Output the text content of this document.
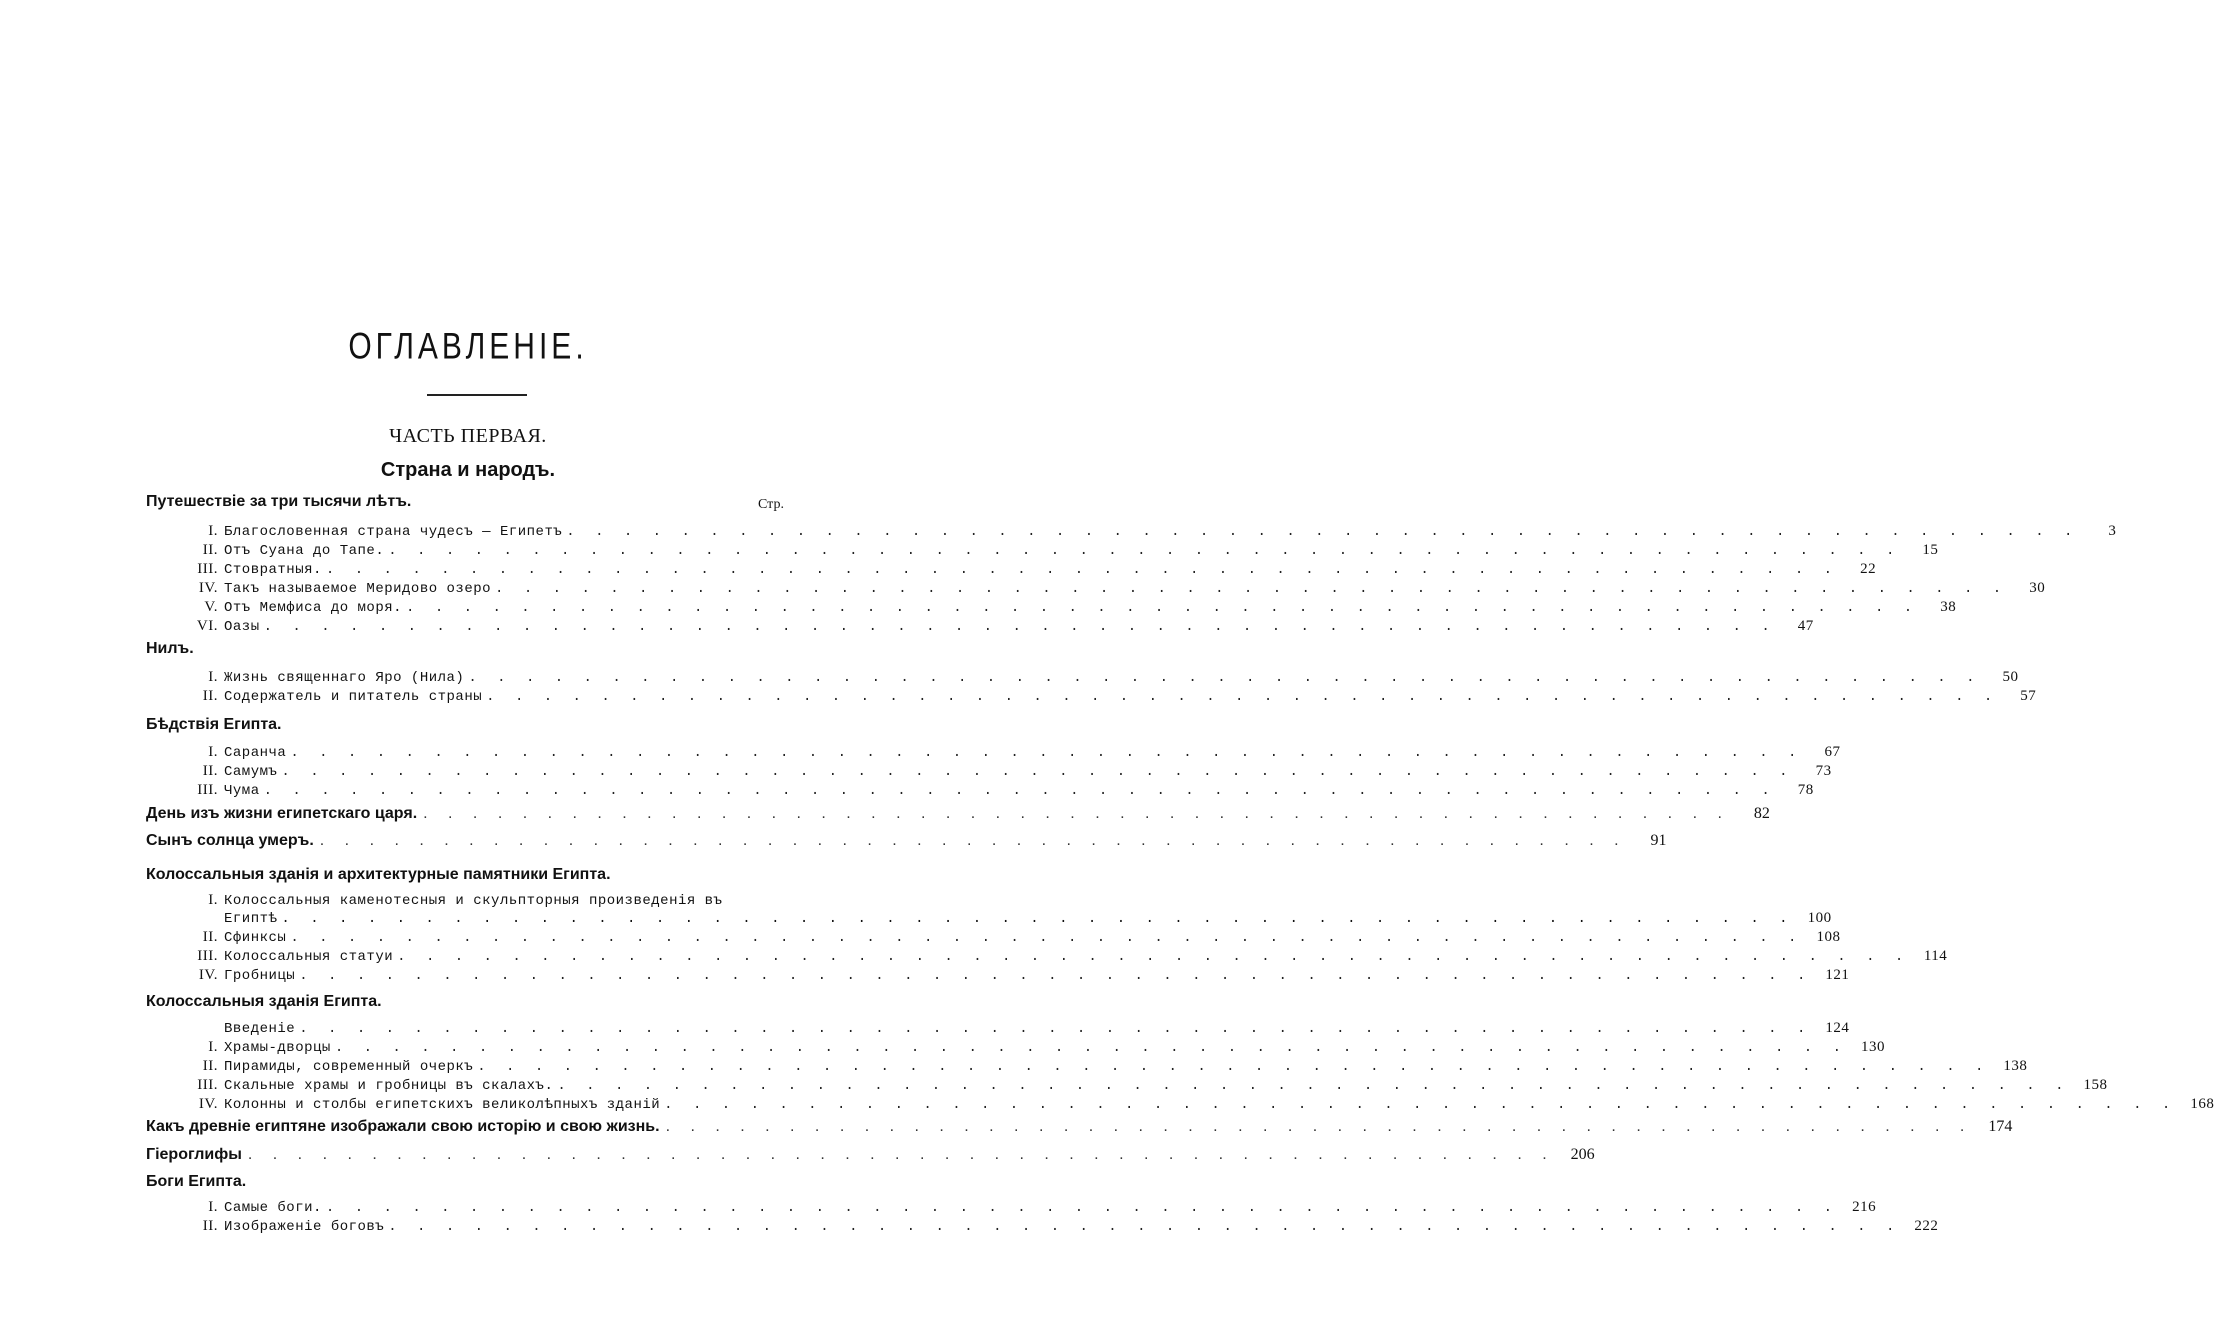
ОГЛАВЛЕНІЕ.
ЧАСТЬ ПЕРВАЯ.
Страна и народъ.
Стр.
Путешествіе за три тысячи лѣтъ.
I. Благословенная страна чудесъ — Египетъ . . . . . . . . . . . . . . . . . . . . . . . . . . . . . . . . . . . . . . . . . . . . . . . . . . . . .	3
II. Отъ Суана до Тапе. . . . . . . . . . . . . . . . . . . . . . . . . . . . . . . . . . . . . . . . . . . . . . . . . . . . . .	15
III. Стовратныя. . . . . . . . . . . . . . . . . . . . . . . . . . . . . . . . . . . . . . . . . . . . . . . . . . . . . .	22
IV. Такъ называемое Меридово озеро . . . . . . . . . . . . . . . . . . . . . . . . . . . . . . . . . . . . . . . . . . . . . . . . . . . . .	30
V. Отъ Мемфиса до моря. . . . . . . . . . . . . . . . . . . . . . . . . . . . . . . . . . . . . . . . . . . . . . . . . . . . . .	38
VI. Оазы . . . . . . . . . . . . . . . . . . . . . . . . . . . . . . . . . . . . . . . . . . . . . . . . . . . . .	47
Нилъ.
I. Жизнь священнаго Яро (Нила) . . . . . . . . . . . . . . . . . . . . . . . . . . . . . . . . . . . . . . . . . . . . . . . . . . . . .	50
II. Содержатель и питатель страны . . . . . . . . . . . . . . . . . . . . . . . . . . . . . . . . . . . . . . . . . . . . . . . . . . . . .	57
Бѣдствія Египта.
I. Саранча . . . . . . . . . . . . . . . . . . . . . . . . . . . . . . . . . . . . . . . . . . . . . . . . . . . . .	67
II. Самумъ . . . . . . . . . . . . . . . . . . . . . . . . . . . . . . . . . . . . . . . . . . . . . . . . . . . . .	73
III. Чума . . . . . . . . . . . . . . . . . . . . . . . . . . . . . . . . . . . . . . . . . . . . . . . . . . . . .	78
День изъ жизни египетскаго царя. . . . . . . . . . . . . . . . . . . . . . . . . . . . . . . . . . . . . . . . . . . . . . . . . . . . . .	82
Сынъ солнца умеръ. . . . . . . . . . . . . . . . . . . . . . . . . . . . . . . . . . . . . . . . . . . . . . . . . . . . . .	91
Колоссальныя зданія и архитектурные памятники Египта.
I. Колоссальныя каменотесныя и скульпторныя произведенія въ
Египтѣ . . . . . . . . . . . . . . . . . . . . . . . . . . . . . . . . . . . . . . . . . . . . . . . . . . . . . 100
II. Сфинксы . . . . . . . . . . . . . . . . . . . . . . . . . . . . . . . . . . . . . . . . . . . . . . . . . . . . . 108
III. Колоссальныя статуи . . . . . . . . . . . . . . . . . . . . . . . . . . . . . . . . . . . . . . . . . . . . . . . . . . . . . 114
IV. Гробницы . . . . . . . . . . . . . . . . . . . . . . . . . . . . . . . . . . . . . . . . . . . . . . . . . . . . . 121
Колоссальныя зданія Египта.
Введеніе . . . . . . . . . . . . . . . . . . . . . . . . . . . . . . . . . . . . . . . . . . . . . . . . . . . . . 124
I. Храмы-дворцы . . . . . . . . . . . . . . . . . . . . . . . . . . . . . . . . . . . . . . . . . . . . . . . . . . . . . 130
II. Пирамиды, современный очеркъ . . . . . . . . . . . . . . . . . . . . . . . . . . . . . . . . . . . . . . . . . . . . . . . . . . . . . 138
III. Скальные храмы и гробницы въ скалахъ. . . . . . . . . . . . . . . . . . . . . . . . . . . . . . . . . . . . . . . . . . . . . . . . . . . . . . 158
IV. Колонны и столбы египетскихъ великолѣпныхъ зданій . . . . . . . . . . . . . . . . . . . . . . . . . . . . . . . . . . . . . . . . . . . . . . . . . . . . . 168
Какъ древніе египтяне изображали свою исторію и свою жизнь. . . . . . . . . . . . . . . . . . . . . . . . . . . . . . . . . . . . . . . . . . . . . . . . . . . . . .	174
Гіероглифы . . . . . . . . . . . . . . . . . . . . . . . . . . . . . . . . . . . . . . . . . . . . . . . . . . . . .	206
Боги Египта.
I. Самые боги. . . . . . . . . . . . . . . . . . . . . . . . . . . . . . . . . . . . . . . . . . . . . . . . . . . . . . 216
II. Изображеніе боговъ . . . . . . . . . . . . . . . . . . . . . . . . . . . . . . . . . . . . . . . . . . . . . . . . . . . . . 222
